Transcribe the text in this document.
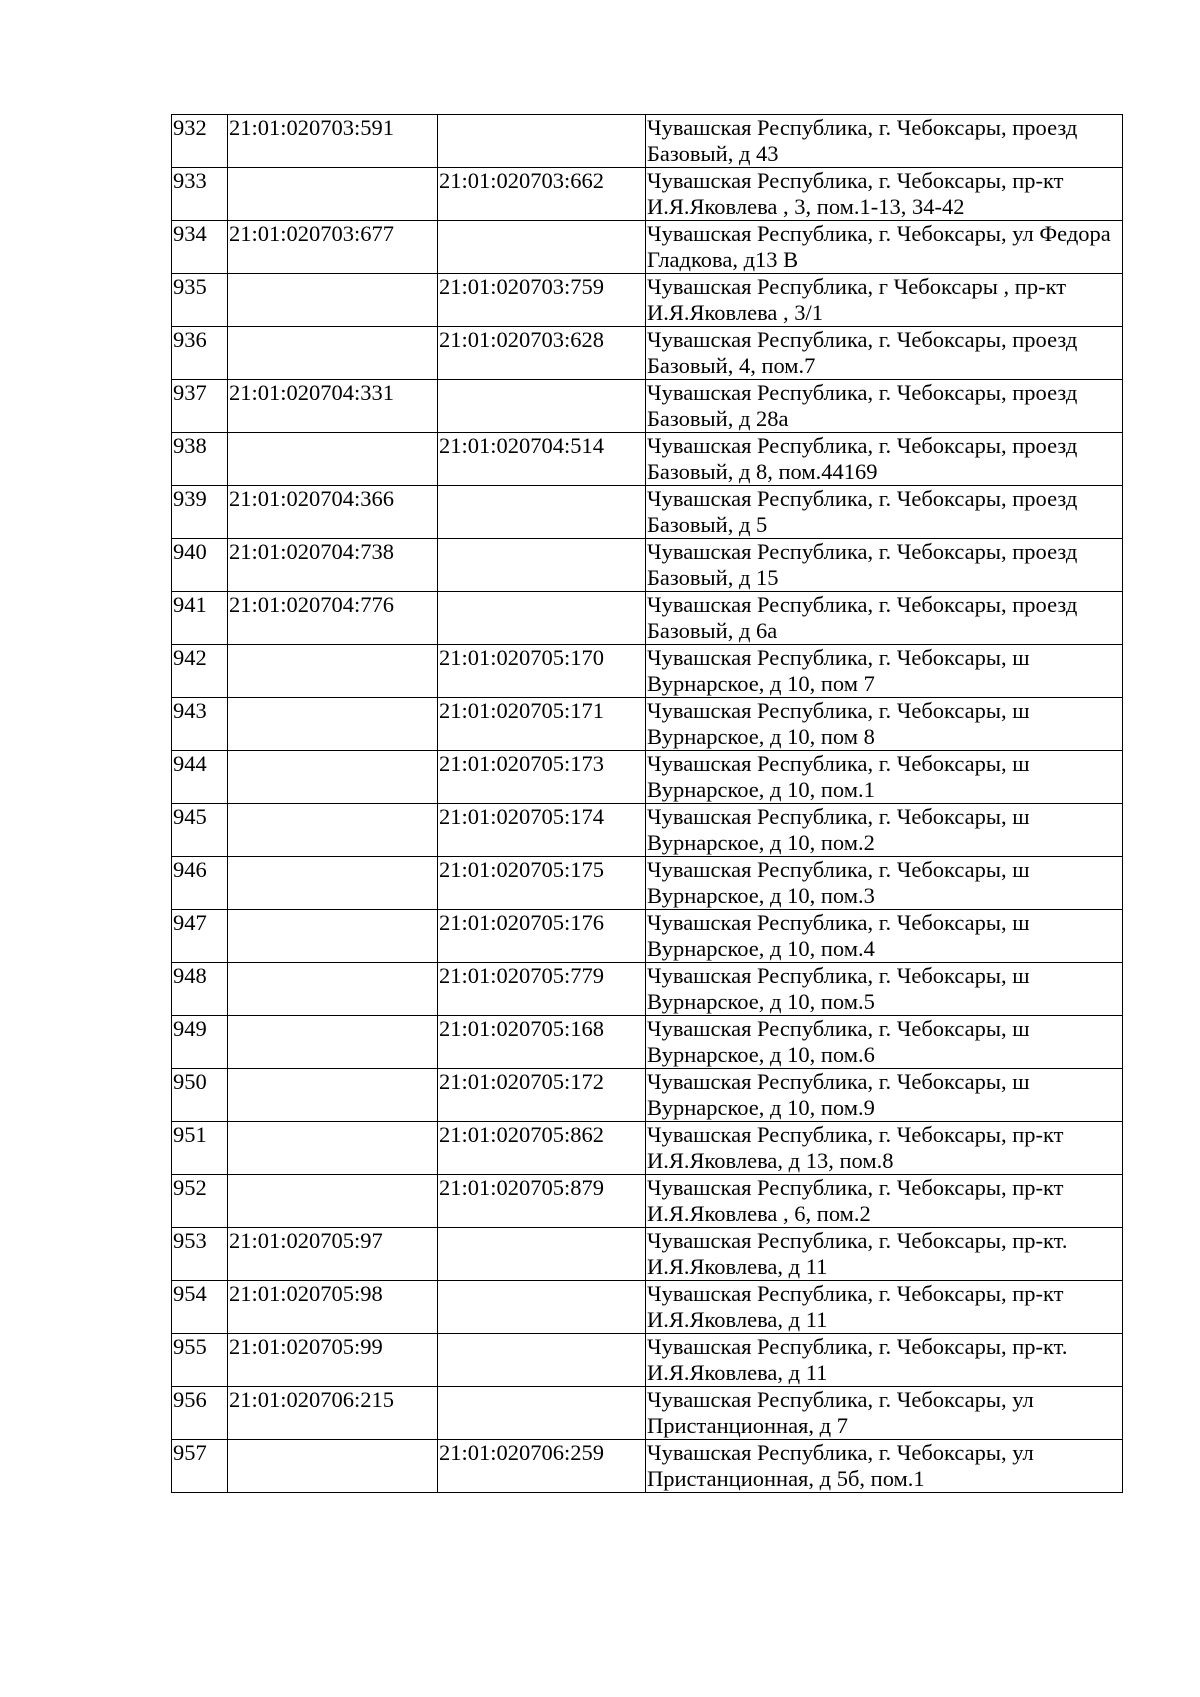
932	21:01:020703:591		Чувашская Республика, г. Чебоксары, проезд Базовый, д 43
933		21:01:020703:662	Чувашская Республика, г. Чебоксары, пр-кт И.Я.Яковлева , 3, пом.1-13, 34-42
934	21:01:020703:677		Чувашская Республика, г. Чебоксары, ул Федора Гладкова, д13 В
935		21:01:020703:759	Чувашская Республика, г Чебоксары , пр-кт И.Я.Яковлева , 3/1
936		21:01:020703:628	Чувашская Республика, г. Чебоксары, проезд Базовый, 4, пом.7
937	21:01:020704:331		Чувашская Республика, г. Чебоксары, проезд Базовый, д 28а
938		21:01:020704:514	Чувашская Республика, г. Чебоксары, проезд Базовый, д 8, пом.44169
939	21:01:020704:366		Чувашская Республика, г. Чебоксары, проезд Базовый, д 5
940	21:01:020704:738		Чувашская Республика, г. Чебоксары, проезд Базовый, д 15
941	21:01:020704:776		Чувашская Республика, г. Чебоксары, проезд Базовый, д 6а
942		21:01:020705:170	Чувашская Республика, г. Чебоксары, ш Вурнарское, д 10, пом 7
943		21:01:020705:171	Чувашская Республика, г. Чебоксары, ш Вурнарское, д 10, пом 8
944		21:01:020705:173	Чувашская Республика, г. Чебоксары, ш Вурнарское, д 10, пом.1
945		21:01:020705:174	Чувашская Республика, г. Чебоксары, ш Вурнарское, д 10, пом.2
946		21:01:020705:175	Чувашская Республика, г. Чебоксары, ш Вурнарское, д 10, пом.3
947		21:01:020705:176	Чувашская Республика, г. Чебоксары, ш Вурнарское, д 10, пом.4
948		21:01:020705:779	Чувашская Республика, г. Чебоксары, ш Вурнарское, д 10, пом.5
949		21:01:020705:168	Чувашская Республика, г. Чебоксары, ш Вурнарское, д 10, пом.6
950		21:01:020705:172	Чувашская Республика, г. Чебоксары, ш Вурнарское, д 10, пом.9
951		21:01:020705:862	Чувашская Республика, г. Чебоксары, пр-кт И.Я.Яковлева, д 13, пом.8
952		21:01:020705:879	Чувашская Республика, г. Чебоксары, пр-кт И.Я.Яковлева , 6, пом.2
953	21:01:020705:97		Чувашская Республика, г. Чебоксары, пр-кт. И.Я.Яковлева, д 11
954	21:01:020705:98		Чувашская Республика, г. Чебоксары, пр-кт И.Я.Яковлева, д 11
955	21:01:020705:99		Чувашская Республика, г. Чебоксары, пр-кт. И.Я.Яковлева, д 11
956	21:01:020706:215		Чувашская Республика, г. Чебоксары, ул Пристанционная, д 7
957		21:01:020706:259	Чувашская Республика, г. Чебоксары, ул Пристанционная, д 5б, пом.1
